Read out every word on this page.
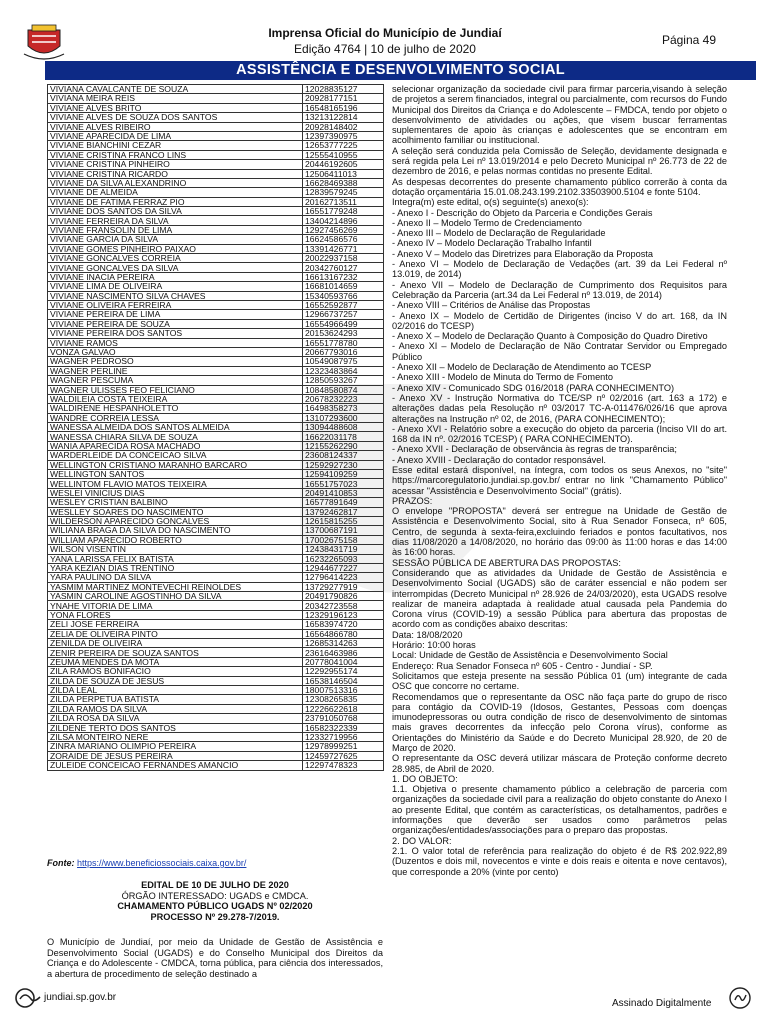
Imprensa Oficial do Município de Jundiaí
Edição 4764 | 10 de julho de 2020
Página 49
ASSISTÊNCIA E DESENVOLVIMENTO SOCIAL
VIVIANA CAVALCANTE DE SOUZA	12028835127
VIVIANA MEIRA REIS	20928177151
VIVIANE ALVES BRITO	16548165196
VIVIANE ALVES DE SOUZA DOS SANTOS	13213122814
VIVIANE ALVES RIBEIRO	20928148402
VIVIANE APARECIDA DE LIMA	12397390975
VIVIANE BIANCHINI CEZAR	12653777225
VIVIANE CRISTINA FRANCO LINS	12555410955
VIVIANE CRISTINA PINHEIRO	20446192605
VIVIANE CRISTINA RICARDO	12506411013
VIVIANE DA SILVA ALEXANDRINO	16628469388
VIVIANE DE ALMEIDA	12839579245
VIVIANE DE FATIMA FERRAZ PIO	20162713511
VIVIANE DOS SANTOS DA SILVA	16551779248
VIVIANE FERREIRA DA SILVA	13404214896
VIVIANE FRANSOLIN DE LIMA	12927456269
VIVIANE GARCIA DA SILVA	16624586576
VIVIANE GOMES PINHEIRO PAIXAO	13391426771
VIVIANE GONCALVES CORREIA	20022937158
VIVIANE GONCALVES DA SILVA	20342760127
VIVIANE INACIA PEREIRA	16613167232
VIVIANE LIMA DE OLIVEIRA	16681014659
VIVIANE NASCIMENTO SILVA CHAVES	15340593766
VIVIANE OLIVEIRA FERREIRA	16552592877
VIVIANE PEREIRA DE LIMA	12966737257
VIVIANE PEREIRA DE SOUZA	16554966499
VIVIANE PEREIRA DOS SANTOS	20153624293
VIVIANE RAMOS	16551778780
VONZA GALVAO	20667793016
WAGNER PEDROSO	10549087975
WAGNER PERLINE	12323483864
WAGNER PESCUMA	12850593267
WAGNER ULISSES FEO FELICIANO	10848580874
WALDILEIA COSTA TEIXEIRA	20678232223
WALDIRENE HESPANHOLETTO	16498358273
WANDRE CORREIA LESSA	13107293600
WANESSA ALMEIDA DOS SANTOS ALMEIDA	13094488608
WANESSA CHIARA SILVA DE SOUZA	16622031178
WANIA APARECIDA ROSA MACHADO	12155262290
WARDERLEIDE DA CONCEICAO SILVA	23608124337
WELLINGTON CRISTIANO MARANHO BARCARO	12592927230
WELLINGTON SANTOS	12594109259
WELLINTOM FLAVIO MATOS TEIXEIRA	16551757023
WESLEI VINICIUS DIAS	20491410853
WESLEY CRISTIAN BALBINO	16577891649
WESLLEY SOARES DO NASCIMENTO	13792462817
WILDERSON APARECIDO GONCALVES	12615815255
WILIANA BRAGA DA SILVA DO NASCIMENTO	13700687191
WILLIAM APARECIDO ROBERTO	17002675158
WILSON VISENTIN	12438431719
YANA LARISSA FELIX BATISTA	16232265093
YARA KEZIAN DIAS TRENTINO	12944677227
YARA PAULINO DA SILVA	12796414223
YASMIM MARTINEZ MONTEVECHI REINOLDES	13729277919
YASMIN CAROLINE AGOSTINHO DA SILVA	20491790826
YNAHE VITORIA DE LIMA	20342723558
YONA FLORES	12329196123
ZELI JOSE FERREIRA	16583974720
ZELIA DE OLIVEIRA PINTO	16564866780
ZENILDA DE OLIVEIRA	12685314263
ZENIR PEREIRA DE SOUZA SANTOS	23616463986
ZEUMA MENDES DA MOTA	20778041004
ZILA RAMOS BONIFACIO	12292955174
ZILDA DE SOUZA DE JESUS	16538146504
ZILDA LEAL	18007513316
ZILDA PERPETUA BATISTA	12308265835
ZILDA RAMOS DA SILVA	12226622618
ZILDA ROSA DA SILVA	23791050768
ZILDENE TERTO DOS SANTOS	16582322339
ZILSA MONTEIRO NERE	12332719956
ZINRA MARIANO OLIMPIO PEREIRA	12978999251
ZORAIDE DE JESUS PEREIRA	12459727625
ZULEIDE CONCEICAO FERNANDES AMANCIO	12297478323
Fonte: https://www.beneficiossociais.caixa.gov.br/
EDITAL DE 10 DE JULHO DE 2020
ÓRGÃO INTERESSADO: UGADS e CMDCA.
CHAMAMENTO PÚBLICO UGADS Nº 02/2020
PROCESSO Nº 29.278-7/2019.
O Município de Jundiaí, por meio da Unidade de Gestão de Assistência e Desenvolvimento Social (UGADS) e do Conselho Municipal dos Direitos da Criança e do Adolescente - CMDCA, torna pública, para ciência dos interessados, a abertura de procedimento de seleção destinado a

selecionar organização da sociedade civil para firmar parceria,visando à seleção de projetos a serem financiados, integral ou parcialmente, com recursos do Fundo Municipal dos Direitos da Criança e do Adolescente – FMDCA, tendo por objeto o desenvolvimento de atividades ou ações, que visem buscar ferramentas suplementares de apoio às crianças e adolescentes que se encontram em acolhimento familiar ou institucional.

A seleção será conduzida pela Comissão de Seleção, devidamente designada e será regida pela Lei nº 13.019/2014 e pelo Decreto Municipal nº 26.773 de 22 de dezembro de 2016, e pelas normas contidas no presente Edital.

As despesas decorrentes do presente chamamento público correrão à conta da dotação orçamentária 15.01.08.243.199.2102.33503900.5104 e fonte 5104.

Integra(m) este edital, o(s) seguinte(s) anexo(s):

- Anexo I - Descrição do Objeto da Parceria e Condições Gerais

- Anexo II – Modelo Termo de Credenciamento

- Anexo III – Modelo de Declaração de Regularidade

- Anexo IV – Modelo Declaração Trabalho Infantil

- Anexo V – Modelo das Diretrizes para Elaboração da Proposta

- Anexo VI – Modelo de Declaração de Vedações (art. 39 da Lei Federal nº 13.019, de 2014)

- Anexo VII – Modelo de Declaração de Cumprimento dos Requisitos para Celebração da Parceria (art.34 da Lei Federal nº 13.019, de 2014)

- Anexo VIII – Critérios de Análise das Propostas

- Anexo IX – Modelo de Certidão de Dirigentes (inciso V do art. 168, da IN 02/2016 do TCESP)

- Anexo X – Modelo de Declaração Quanto à Composição do Quadro Diretivo

- Anexo XI – Modelo de Declaração de Não Contratar Servidor ou Empregado Público

- Anexo XII – Modelo de Declaração de Atendimento ao TCESP

- Anexo XIII - Modelo de Minuta do Termo de Fomento

- Anexo XIV - Comunicado SDG 016/2018 (PARA CONHECIMENTO)

- Anexo XV - Instrução Normativa do TCE/SP nº 02/2016 (art. 163 a 172) e alterações dadas pela Resolução nº 03/2017 TC-A-011476/026/16 que aprova alterações na Instrução nº 02, de 2016, (PARA CONHECIMENTO);

- Anexo XVI - Relatório sobre a execução do objeto da parceria (Inciso VII do art. 168 da IN nº. 02/2016 TCESP) ( PARA CONHECIMENTO).

- Anexo XVII - Declaração de observância às regras de transparência;

- Anexo XVIII - Declaração do contador responsável.

Esse edital estará disponível, na íntegra, com todos os seus Anexos, no "site" https://marcoregulatorio.jundiai.sp.gov.br/ entrar no link "Chamamento Público" acessar "Assistência e Desenvolvimento Social" (grátis).

PRAZOS:

O envelope "PROPOSTA" deverá ser entregue na Unidade de Gestão de Assistência e Desenvolvimento Social, sito à Rua Senador Fonseca, nº 605, Centro, de segunda à sexta-feira,excluindo feriados e pontos facultativos, nos dias 11/08/2020 a 14/08/2020, no horário das 09:00 às 11:00 horas e das 14:00 às 16:00 horas.

SESSÃO PÚBLICA DE ABERTURA DAS PROPOSTAS:

Considerando que as atividades da Unidade de Gestão de Assistência e Desenvolvimento Social (UGADS) são de caráter essencial e não podem ser interrompidas (Decreto Municipal nº 28.926 de 24/03/2020), esta UGADS resolve realizar de maneira adaptada à realidade atual causada pela Pandemia do Corona vírus (COVID-19) a sessão Pública para abertura das propostas de acordo com as condições abaixo descritas:

Data: 18/08/2020

Horário: 10:00 horas

Local: Unidade de Gestão de Assistência e Desenvolvimento Social

Endereço: Rua Senador Fonseca nº 605 - Centro - Jundiaí - SP.

Solicitamos que esteja presente na sessão Pública 01 (um) integrante de cada OSC que concorre no certame.

Recomendamos que o representante da OSC não faça parte do grupo de risco para contágio da COVID-19 (Idosos, Gestantes, Pessoas com doenças imunodepressoras ou outra condição de risco de desenvolvimento de sintomas mais graves decorrentes da infecção pelo Corona vírus), conforme as Orientações do Ministério da Saúde e do Decreto Municipal 28.920, de 20 de Março de 2020.

O representante da OSC deverá utilizar máscara de Proteção conforme decreto 28.985, de Abril de 2020.

1. DO OBJETO:

1.1. Objetiva o presente chamamento público a celebração de parceria com organizações da sociedade civil para a realização do objeto constante do Anexo I ao presente Edital, que contém as características, os detalhamentos, padrões e informações que deverão ser usados como parâmetros pelas organizações/entidades/associações para o preparo das propostas.

2. DO VALOR:

2.1. O valor total de referência para realização do objeto é de R$ 202.922,89 (Duzentos e dois mil, novecentos e vinte e dois reais e oitenta e nove centavos), que corresponde a 20% (vinte por cento)

jundiai.sp.gov.br
Assinado Digitalmente
